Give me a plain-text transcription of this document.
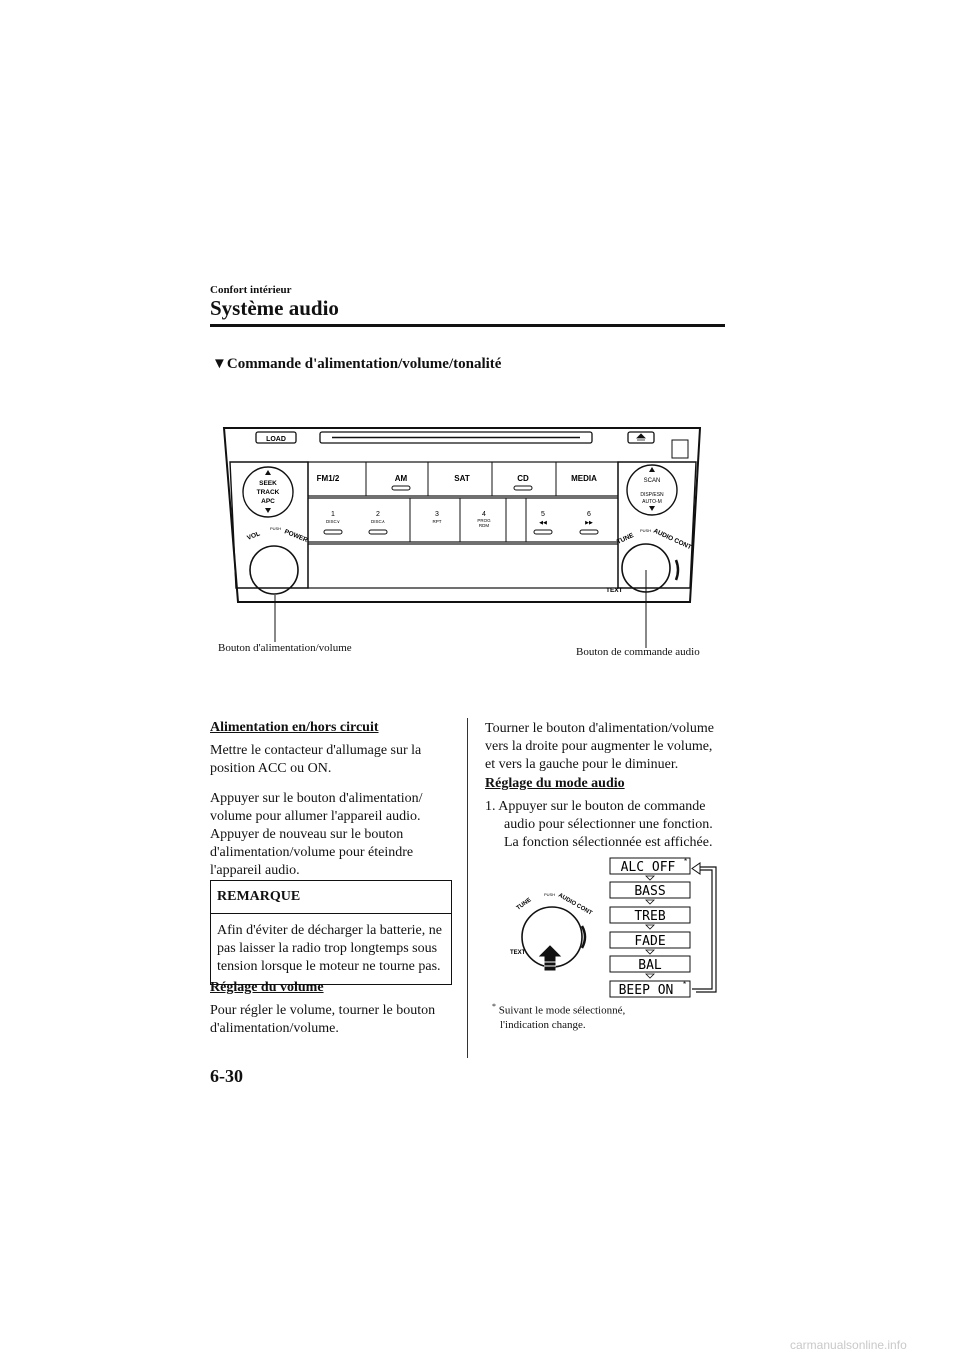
Confort intérieur
Système audio
▼Commande d'alimentation/volume/tonalité
LOAD
SEEK
TRACK
APC
VOL
PUSH POWER
FM1/2	AM	SAT	CD	MEDIA
1
DISC∨
2
DISC∧
3
RPT
4
PROG
RDM
5
◀◀
6
▶▶
SCAN
DISP/ESN
AUTO-M
TUNE
PUSH AUDIO CONT
TEXT
Bouton d'alimentation/volume	Bouton de commande audio
Alimentation en/hors circuit
Mettre le contacteur d'allumage sur la
position ACC ou ON.
Appuyer sur le bouton d'alimentation/
volume pour allumer l'appareil audio.
Appuyer de nouveau sur le bouton
d'alimentation/volume pour éteindre
l'appareil audio.
REMARQUE
Afin d'éviter de décharger la batterie, ne
pas laisser la radio trop longtemps sous
tension lorsque le moteur ne tourne pas.
Réglage du volume
Pour régler le volume, tourner le bouton
d'alimentation/volume.
Tourner le bouton d'alimentation/volume
vers la droite pour augmenter le volume,
et vers la gauche pour le diminuer.
Réglage du mode audio
1. Appuyer sur le bouton de commande
audio pour sélectionner une fonction.
La fonction sélectionnée est affichée.
TUNE
PUSH AUDIO CONT
TEXT
ALC OFF *
BASS
TREB
FADE
BAL
BEEP ON *
* Suivant le mode sélectionné,
l'indication change.
6-30
carmanualsonline.info
